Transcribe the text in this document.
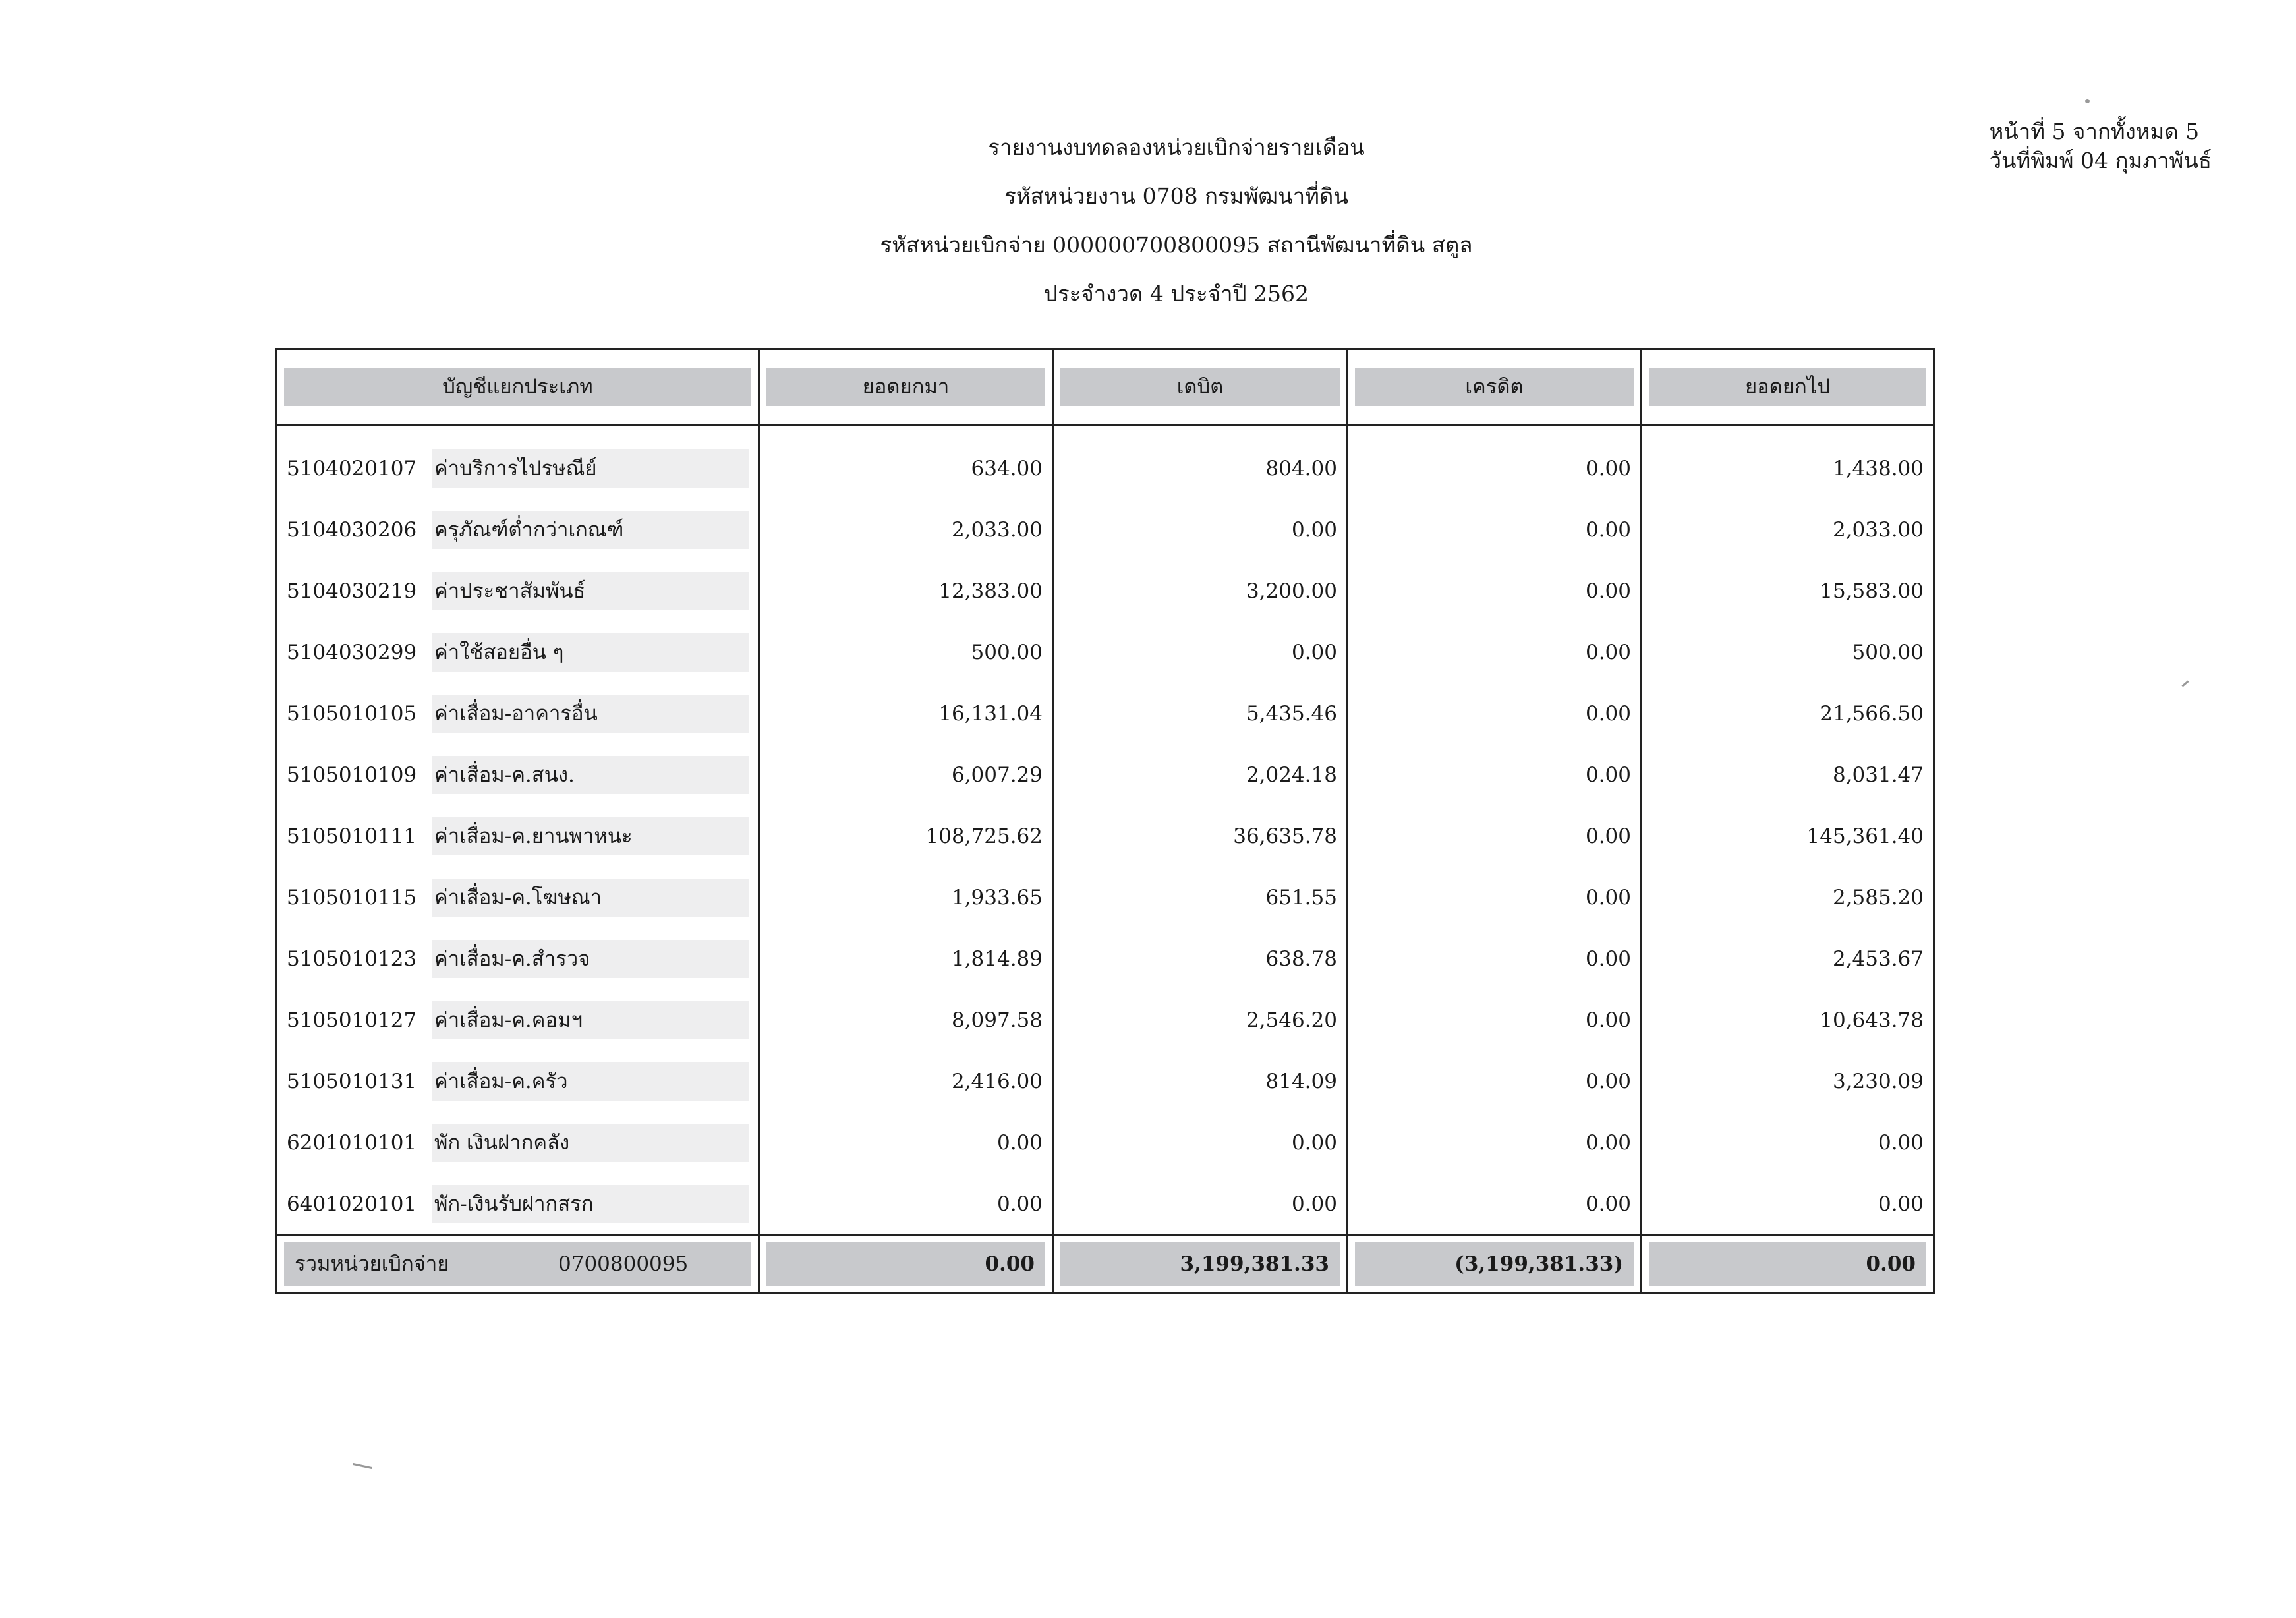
หน้าที่ 5 จากทั้งหมด 5
วันที่พิมพ์ 04 กุมภาพันธ์
รายงานงบทดลองหน่วยเบิกจ่ายรายเดือน
รหัสหน่วยงาน 0708 กรมพัฒนาที่ดิน
รหัสหน่วยเบิกจ่าย 000000700800095 สถานีพัฒนาที่ดิน สตูล
ประจำงวด 4 ประจำปี 2562
บัญชีแยกประเภท	ยอดยกมา	เดบิต	เครดิต	ยอดยกไป

5104020107 ค่าบริการไปรษณีย์	634.00	804.00	0.00	1,438.00

5104030206 ครุภัณฑ์ต่ำกว่าเกณฑ์	2,033.00	0.00	0.00	2,033.00

5104030219 ค่าประชาสัมพันธ์	12,383.00	3,200.00	0.00	15,583.00

5104030299 ค่าใช้สอยอื่น ๆ	500.00	0.00	0.00	500.00

5105010105 ค่าเสื่อม-อาคารอื่น	16,131.04	5,435.46	0.00	21,566.50

5105010109 ค่าเสื่อม-ค.สนง.	6,007.29	2,024.18	0.00	8,031.47

5105010111 ค่าเสื่อม-ค.ยานพาหนะ	108,725.62	36,635.78	0.00	145,361.40

5105010115 ค่าเสื่อม-ค.โฆษณา	1,933.65	651.55	0.00	2,585.20

5105010123 ค่าเสื่อม-ค.สำรวจ	1,814.89	638.78	0.00	2,453.67

5105010127 ค่าเสื่อม-ค.คอมฯ	8,097.58	2,546.20	0.00	10,643.78

5105010131 ค่าเสื่อม-ค.ครัว	2,416.00	814.09	0.00	3,230.09

6201010101 พัก เงินฝากคลัง	0.00	0.00	0.00	0.00

6401020101 พัก-เงินรับฝากสรก	0.00	0.00	0.00	0.00

รวมหน่วยเบิกจ่าย 0700800095	0.00	3,199,381.33	(3,199,381.33)	0.00
